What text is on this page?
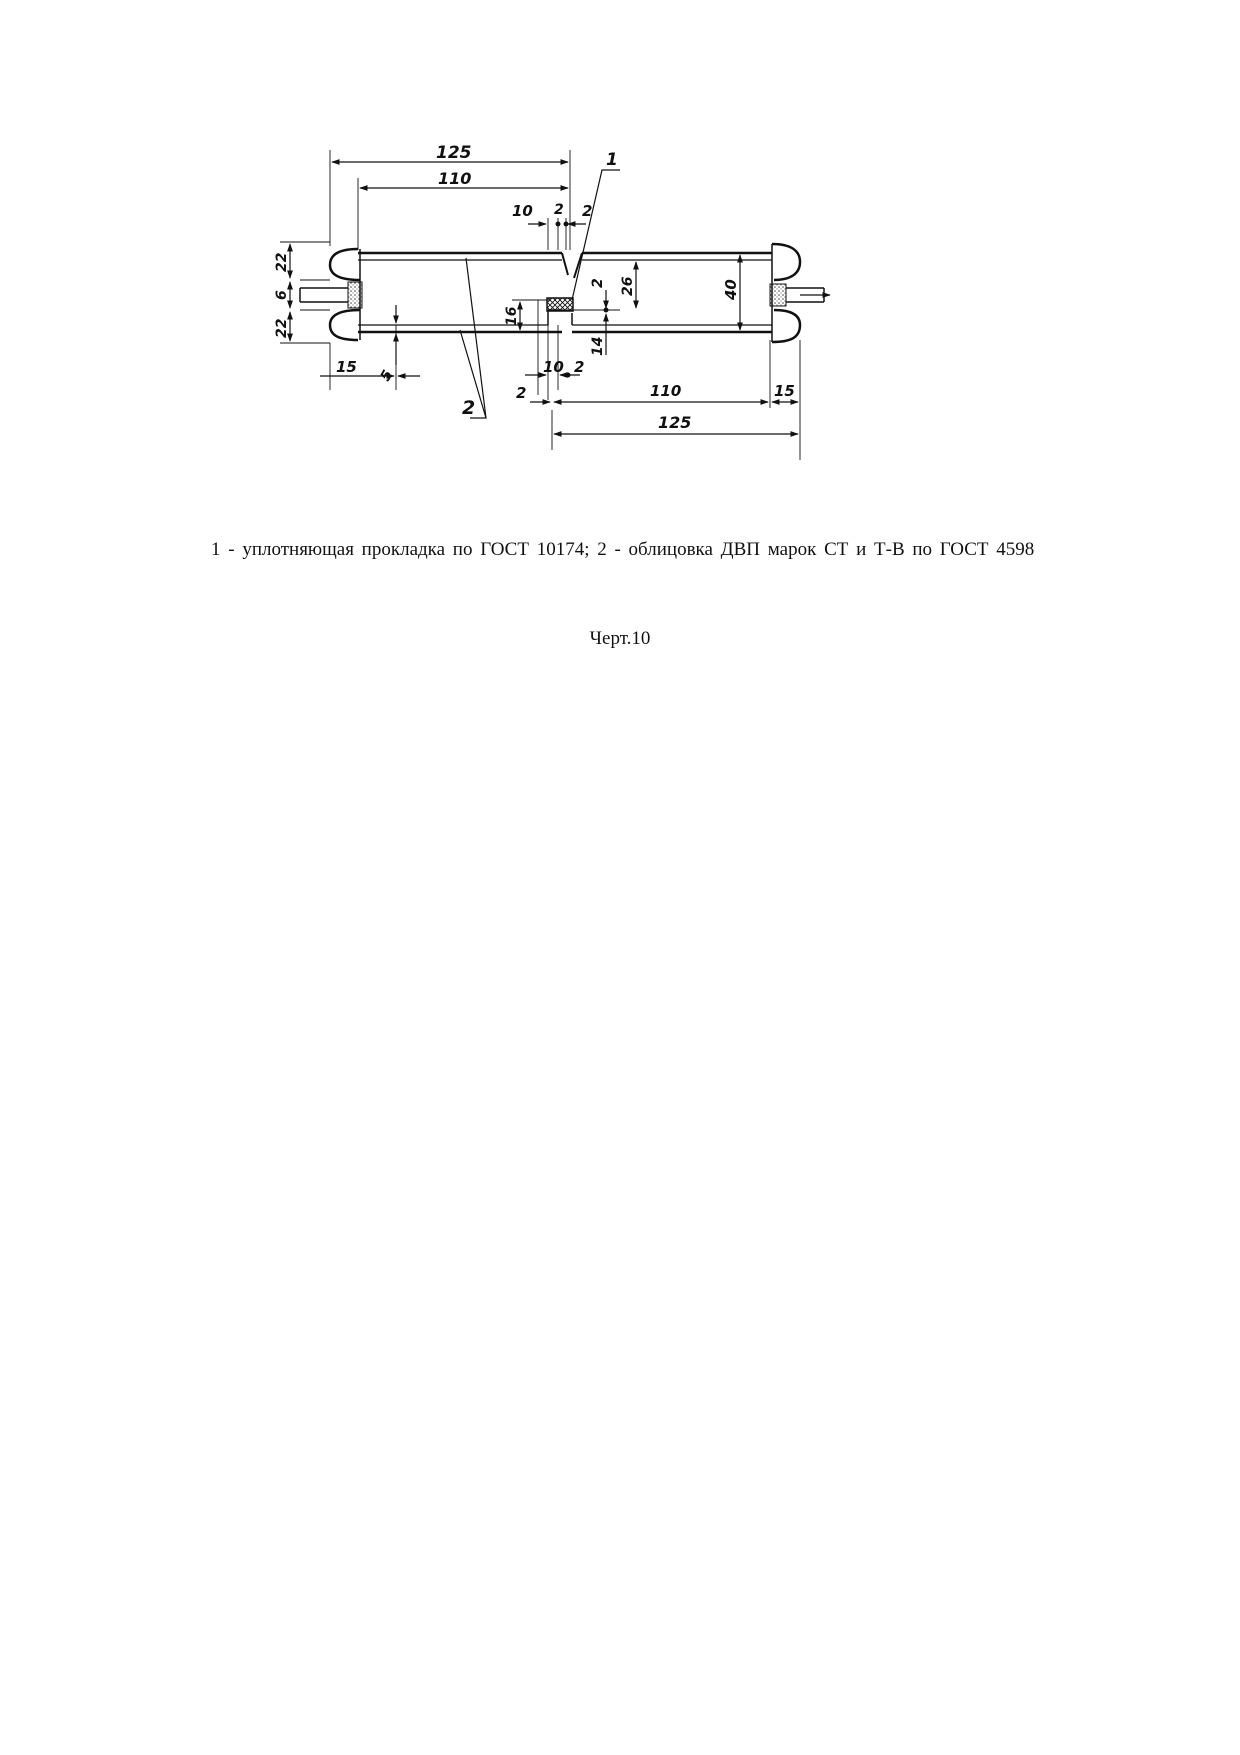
125
110
10 2 2
1
22
6
22
16
2 26	40
14
15 5	10 2
2	110	15
125
2
1 - уплотняющая прокладка по ГОСТ 10174; 2 - облицовка ДВП марок СТ и Т-В по ГОСТ 4598
Черт.10
